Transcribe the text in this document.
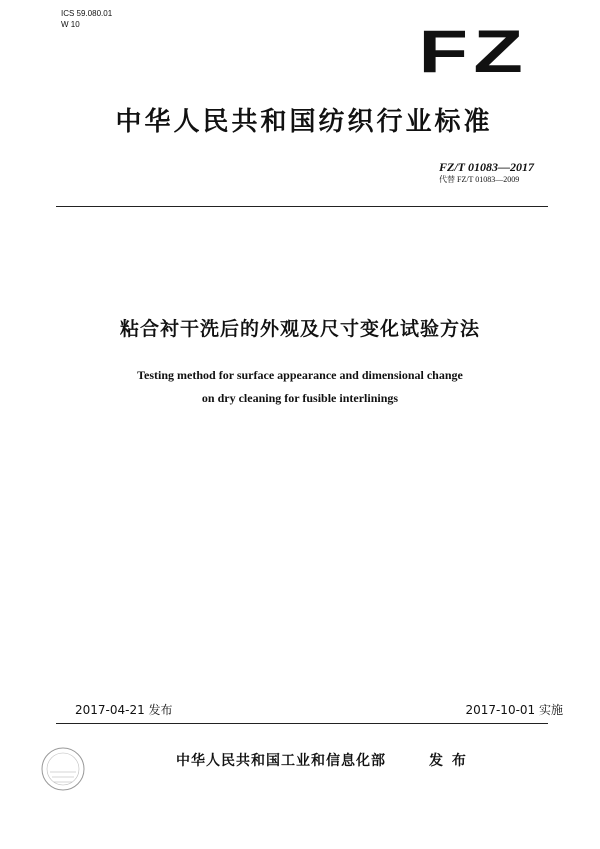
ICS 59.080.01
W 10	FZ
中华人民共和国纺织行业标准
FZ/T 01083—2017
代替 FZ/T 01083—2009
粘合衬干洗后的外观及尺寸变化试验方法
Testing method for surface appearance and dimensional change
on dry cleaning for fusible interlinings
2017-04-21 发布	2017-10-01 实施
中华人民共和国工业和信息化部	发 布
